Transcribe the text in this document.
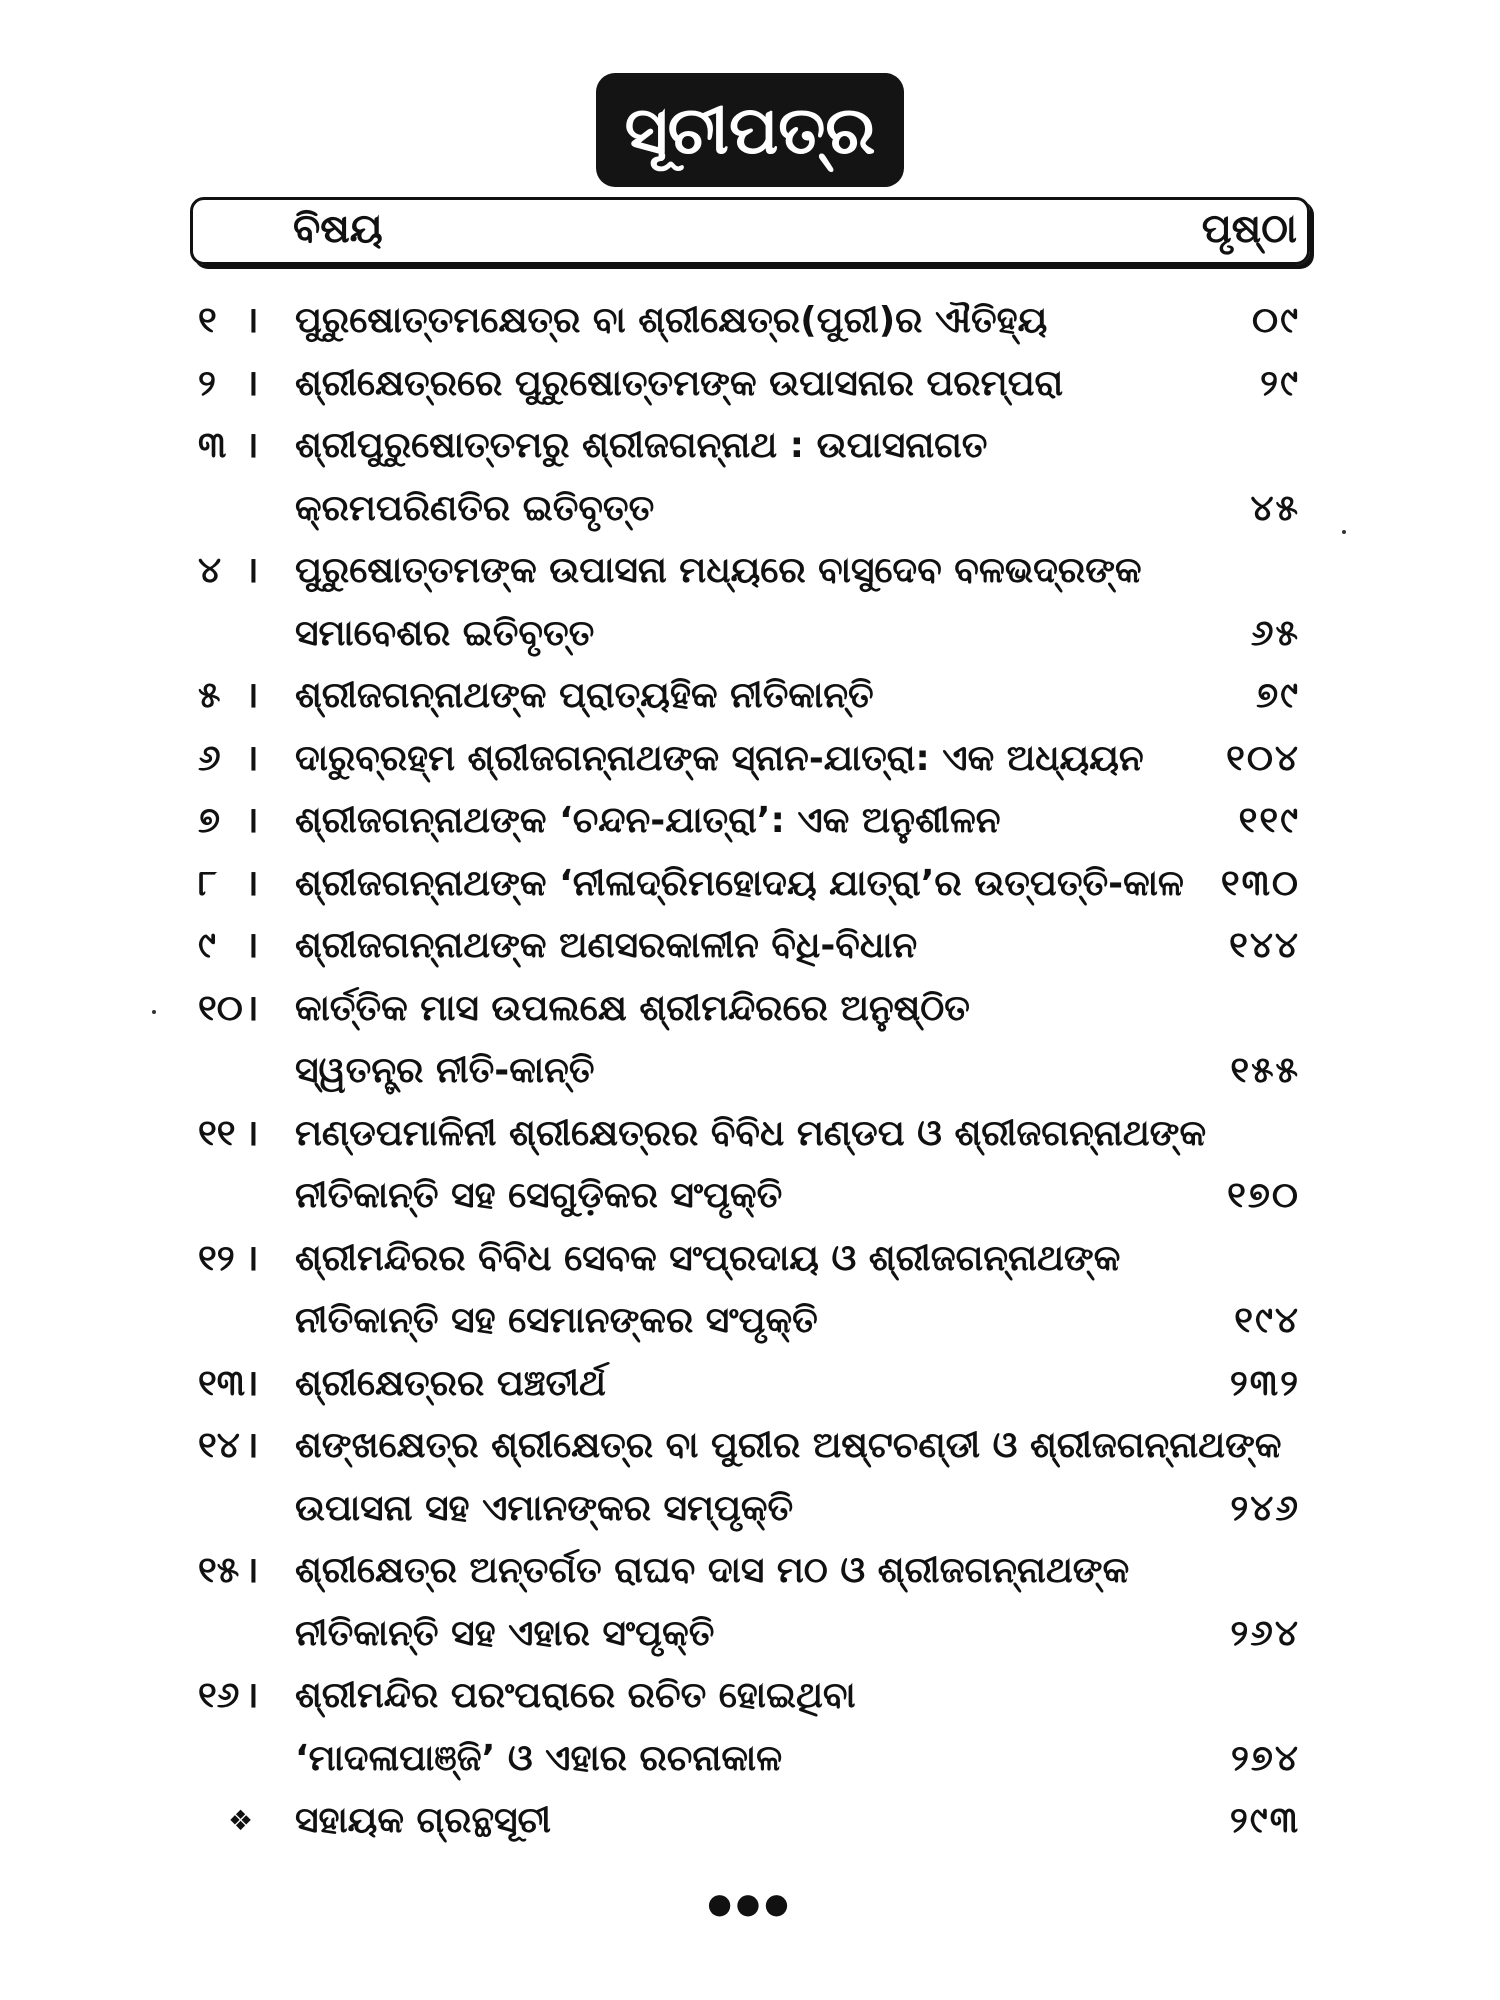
ସୂଚୀପତ୍ର
ବିଷୟ	ପୃଷ୍ଠା
୧ । ପୁରୁଷୋତ୍ତମକ୍ଷେତ୍ର ବା ଶ୍ରୀକ୍ଷେତ୍ର(ପୁରୀ)ର ଐତିହ୍ୟ	୦୯
୨ । ଶ୍ରୀକ୍ଷେତ୍ରରେ ପୁରୁଷୋତ୍ତମଙ୍କ ଉପାସନାର ପରମ୍ପରା	୨୯
୩ । ଶ୍ରୀପୁରୁଷୋତ୍ତମରୁ ଶ୍ରୀଜଗନ୍ନାଥ : ଉପାସନାଗତ
କ୍ରମପରିଣତିର ଇତିବୃତ୍ତ	୪୫
୪ । ପୁରୁଷୋତ୍ତମଙ୍କ ଉପାସନା ମଧ୍ୟରେ ବାସୁଦେବ ବଳଭଦ୍ରଙ୍କ
ସମାବେଶର ଇତିବୃତ୍ତ	୬୫
୫ । ଶ୍ରୀଜଗନ୍ନାଥଙ୍କ ପ୍ରାତ୍ୟହିକ ନୀତିକାନ୍ତି	୭୯
୬ । ଦାରୁବ୍ରହ୍ମ ଶ୍ରୀଜଗନ୍ନାଥଙ୍କ ସ୍ନାନ-ଯାତ୍ରା: ଏକ ଅଧ୍ୟୟନ ୧୦୪
୭ । ଶ୍ରୀଜଗନ୍ନାଥଙ୍କ ‘ଚନ୍ଦନ-ଯାତ୍ରା’: ଏକ ଅନୁଶୀଳନ	୧୧୯
୮ । ଶ୍ରୀଜଗନ୍ନାଥଙ୍କ ‘ନୀଳାଦ୍ରିମହୋଦୟ ଯାତ୍ରା’ର ଉତ୍ପତ୍ତି-କାଳ ୧୩୦
୯ । ଶ୍ରୀଜଗନ୍ନାଥଙ୍କ ଅଣସରକାଳୀନ ବିଧି-ବିଧାନ	୧୪୪
୧୦ । କାର୍ତ୍ତିକ ମାସ ଉପଲକ୍ଷେ ଶ୍ରୀମନ୍ଦିରରେ ଅନୁଷ୍ଠିତ
ସ୍ୱତନ୍ତ୍ର ନୀତି-କାନ୍ତି	୧୫୫
୧୧ । ମଣ୍ଡପମାଳିନୀ ଶ୍ରୀକ୍ଷେତ୍ରର ବିବିଧ ମଣ୍ଡପ ଓ ଶ୍ରୀଜଗନ୍ନାଥଙ୍କ
ନୀତିକାନ୍ତି ସହ ସେଗୁଡ଼ିକର ସଂପୃକ୍ତି	୧୭୦
୧୨ । ଶ୍ରୀମନ୍ଦିରର ବିବିଧ ସେବକ ସଂପ୍ରଦାୟ ଓ ଶ୍ରୀଜଗନ୍ନାଥଙ୍କ
ନୀତିକାନ୍ତି ସହ ସେମାନଙ୍କର ସଂପୃକ୍ତି	୧୯୪
୧୩ । ଶ୍ରୀକ୍ଷେତ୍ରର ପଞ୍ଚତୀର୍ଥ	୨୩୨
୧୪ । ଶଙ୍ଖକ୍ଷେତ୍ର ଶ୍ରୀକ୍ଷେତ୍ର ବା ପୁରୀର ଅଷ୍ଟଚଣ୍ଡୀ ଓ ଶ୍ରୀଜଗନ୍ନାଥଙ୍କ
ଉପାସନା ସହ ଏମାନଙ୍କର ସମ୍ପୃକ୍ତି	୨୪୬
୧୫ । ଶ୍ରୀକ୍ଷେତ୍ର ଅନ୍ତର୍ଗତ ରାଘବ ଦାସ ମଠ ଓ ଶ୍ରୀଜଗନ୍ନାଥଙ୍କ
ନୀତିକାନ୍ତି ସହ ଏହାର ସଂପୃକ୍ତି	୨୬୪
୧୬ । ଶ୍ରୀମନ୍ଦିର ପରଂପରାରେ ରଚିତ ହୋଇଥିବା
‘ମାଦଳାପାଞ୍ଜି’ ଓ ଏହାର ରଚନାକାଳ	୨୭୪
❖ ସହାୟକ ଗ୍ରନ୍ଥସୂଚୀ	୨୯୩
●●●
